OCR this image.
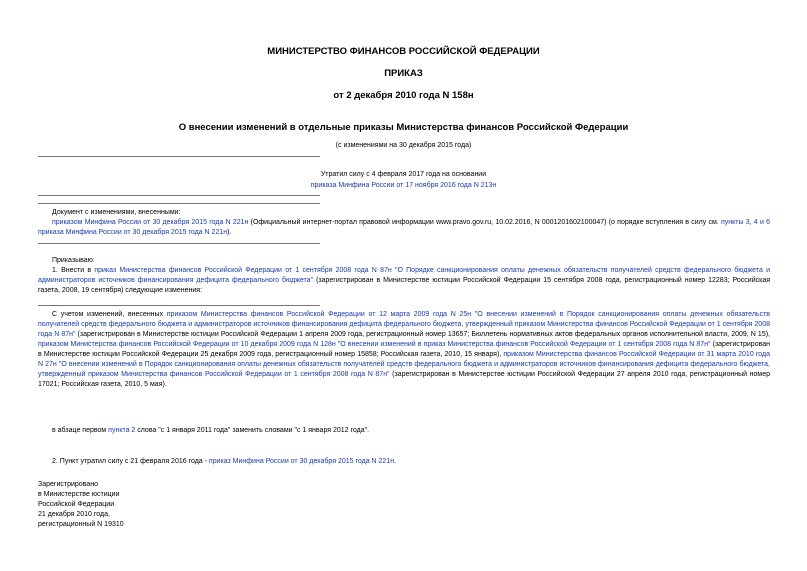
МИНИСТЕРСТВО ФИНАНСОВ РОССИЙСКОЙ ФЕДЕРАЦИИ
ПРИКАЗ
от 2 декабря 2010 года N 158н
О внесении изменений в отдельные приказы Министерства финансов Российской Федерации
(с изменениями на 30 декабря 2015 года)
Утратил силу с 4 февраля 2017 года на основании
приказа Минфина России от 17 ноября 2016 года N 213н
Документ с изменениями, внесенными:
приказом Минфина России от 30 декабря 2015 года N 221н (Официальный интернет-портал правовой информации www.pravo.gov.ru, 10.02.2016, N 0001201602100047) (о порядке вступления в силу см. пункты 3, 4 и 6 приказа Минфина России от 30 декабря 2015 года N 221н).
Приказываю:
1. Внести в приказ Министерства финансов Российской Федерации от 1 сентября 2008 года N 87н "О Порядке санкционирования оплаты денежных обязательств получателей средств федерального бюджета и администраторов источников финансирования дефицита федерального бюджета" (зарегистрирован в Министерстве юстиции Российской Федерации 15 сентября 2008 года, регистрационный номер 12283; Российская газета, 2008, 19 сентября) следующие изменения:
С учетом изменений, внесенных приказом Министерства финансов Российской Федерации от 12 марта 2009 года N 25н "О внесении изменений в Порядок санкционирования оплаты денежных обязательств получателей средств федерального бюджета и администраторов источников финансирования дефицита федерального бюджета, утвержденный приказом Министерства финансов Российской Федерации от 1 сентября 2008 года N 87н" (зарегистрирован в Министерстве юстиции Российской Федерации 1 апреля 2009 года, регистрационный номер 13657; Бюллетень нормативных актов федеральных органов исполнительной власти, 2009, N 15), приказом Министерства финансов Российской Федерации от 10 декабря 2009 года N 128н "О внесении изменений в приказ Министерства финансов Российской Федерации от 1 сентября 2008 года N 87н" (зарегистрирован в Министерстве юстиции Российской Федерации 25 декабря 2009 года, регистрационный номер 15858; Российская газета, 2010, 15 января), приказом Министерства финансов Российской Федерации от 31 марта 2010 года N 27н "О внесении изменений в Порядок санкционирования оплаты денежных обязательств получателей средств федерального бюджета и администраторов источников финансирования дефицита федерального бюджета, утвержденный приказом Министерства финансов Российской Федерации от 1 сентября 2008 года N 87н" (зарегистрирован в Министерстве юстиции Российской Федерации 27 апреля 2010 года, регистрационный номер 17021; Российская газета, 2010, 5 мая).
в абзаце первом пункта 2 слова "с 1 января 2011 года" заменить словами "с 1 января 2012 года".
2. Пункт утратил силу с 21 февраля 2016 года - приказ Минфина России от 30 декабря 2015 года N 221н.
Зарегистрировано
в Министерстве юстиции
Российской Федерации
21 декабря 2010 года,
регистрационный N 19310
